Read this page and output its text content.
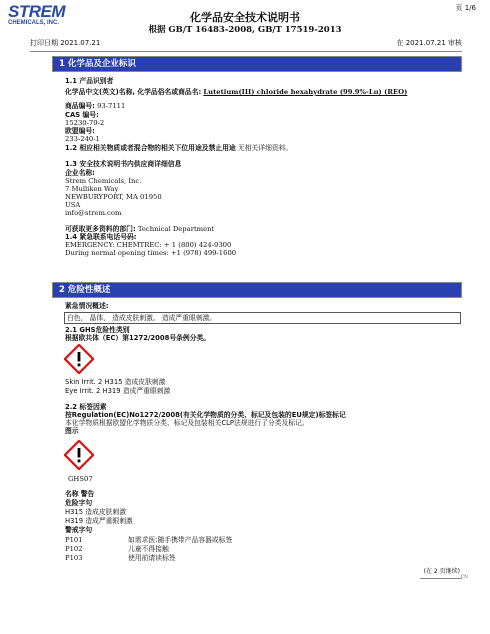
STREM
CHEMICALS, INC.	化学品安全技术说明书
根据 GB/T 16483-2008, GB/T 17519-2013
页 1/6
打印日期 2021.07.21	在 2021.07.21 审核
1 化学品及企业标识
1.1 产品识别者
化学品中文(英文)名称, 化学品俗名或商品名: Lutetium(III) chloride hexahydrate (99.9%-Lu) (REO)
商品编号: 93-7111
CAS 编号:
15230-79-2
欧盟编号:
233-240-1
1.2 相应相关物质或者混合物的相关下位用途及禁止用途 无相关详细资料。
1.3 安全技术说明书内供应商详细信息
企业名称:
Strem Chemicals, Inc.
7 Mulliken Way
NEWBURYPORT, MA 01950
USA
info@strem.com
可获取更多资料的部门: Technical Department
1.4 紧急联系电话号码:
EMERGENCY: CHEMTREC: + 1 (800) 424-9300
During normal opening times: +1 (978) 499-1600
2 危险性概述
紧急情况概述:
白色， 晶体， 造成皮肤刺激。 造成严重眼刺激。
2.1 GHS危险性类别
根据欧共体（EC）第1272/2008号条例分类。
Skin Irrit. 2 H315 造成皮肤刺激
Eye Irrit. 2 H319 造成严重眼刺激
2.2 标签因素
按Regulation(EC)No1272/2008(有关化学物质的分类、标记及包装的EU规定)标签标记
本化学物质根据欧盟化学物质分类、标记及包装相关CLP法规进行了分类及标记。
图示
GHS07
名称 警告
危险字句
H315 造成皮肤刺激
H319 造成严重眼刺激
警戒字句
P101	如需求医:随手携带产品容器或标签
P102	儿童不得接触
P103	使用前请读标签
(在 2 页继续)
CN
